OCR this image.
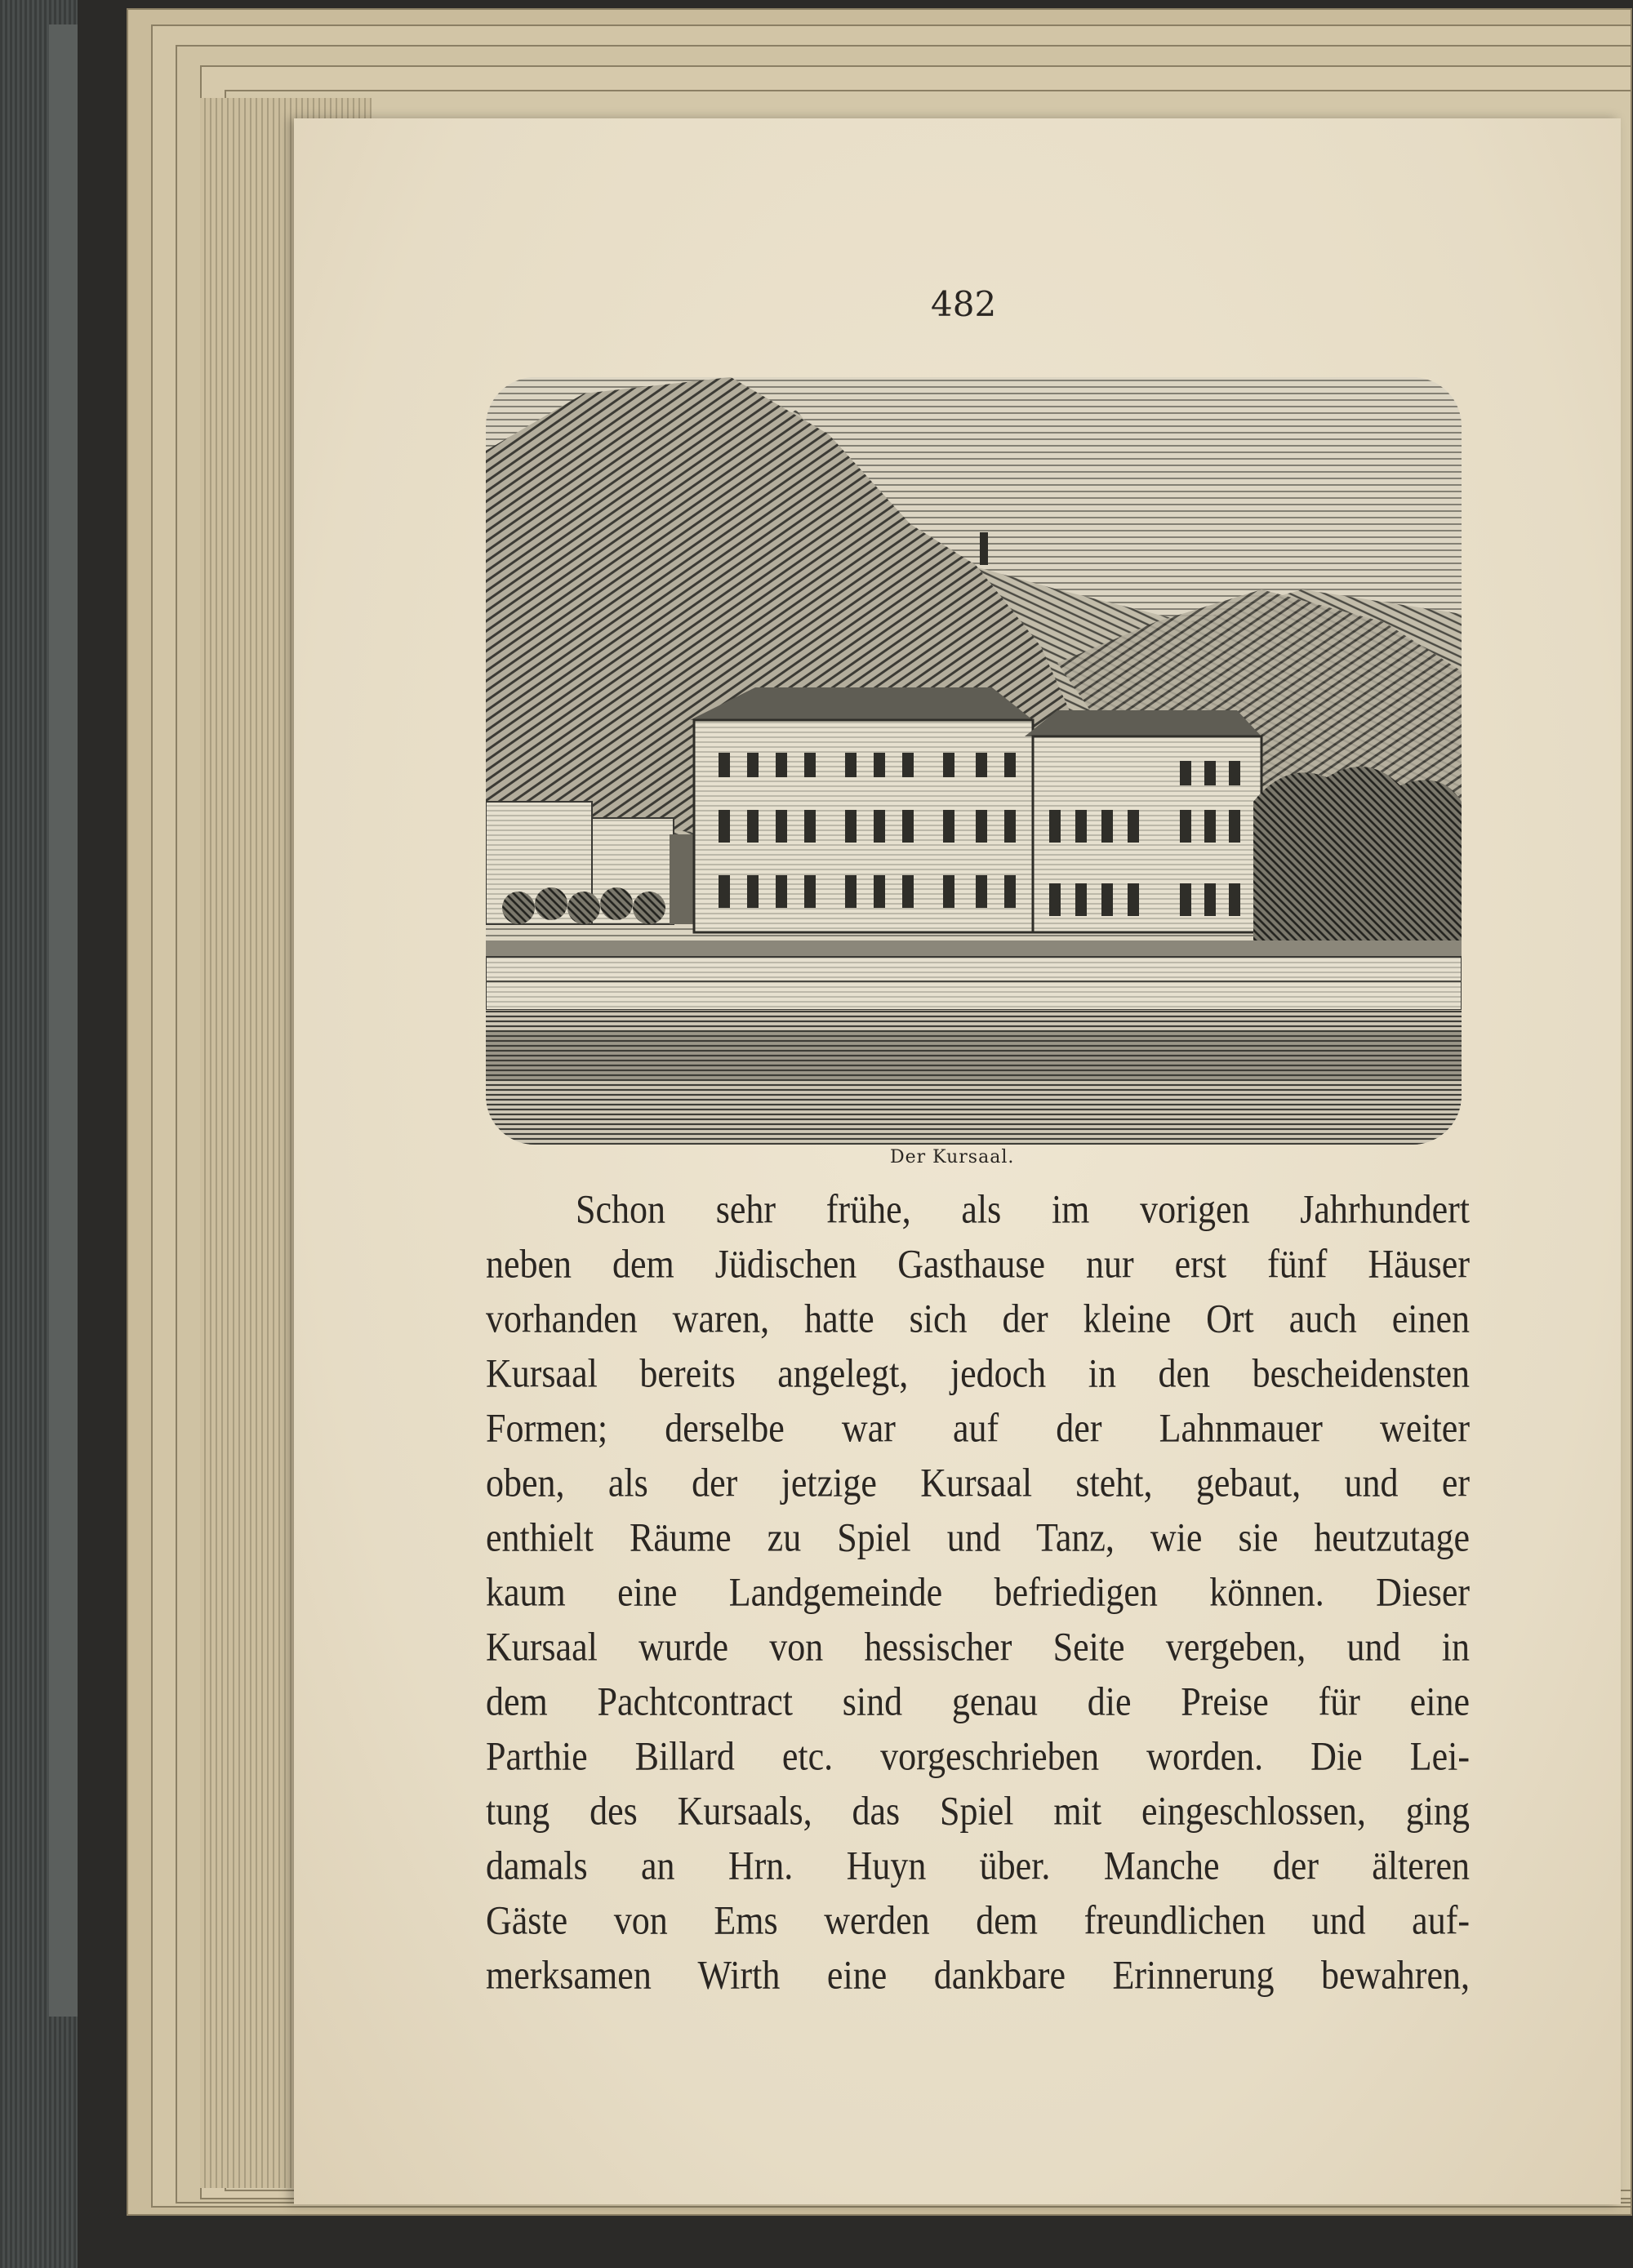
482
Der Kursaal.
Schon sehr frühe, als im vorigen Jahrhundert
neben dem Jüdischen Gasthause nur erst fünf Häuser
vorhanden waren, hatte sich der kleine Ort auch einen
Kursaal bereits angelegt, jedoch in den bescheidensten
Formen; derselbe war auf der Lahnmauer weiter
oben, als der jetzige Kursaal steht, gebaut, und er
enthielt Räume zu Spiel und Tanz, wie sie heutzutage
kaum eine Landgemeinde befriedigen können. Dieser
Kursaal wurde von hessischer Seite vergeben, und in
dem Pachtcontract sind genau die Preise für eine
Parthie Billard etc. vorgeschrieben worden. Die Lei-
tung des Kursaals, das Spiel mit eingeschlossen, ging
damals an Hrn. Huyn über. Manche der älteren
Gäste von Ems werden dem freundlichen und auf-
merksamen Wirth eine dankbare Erinnerung bewahren,
